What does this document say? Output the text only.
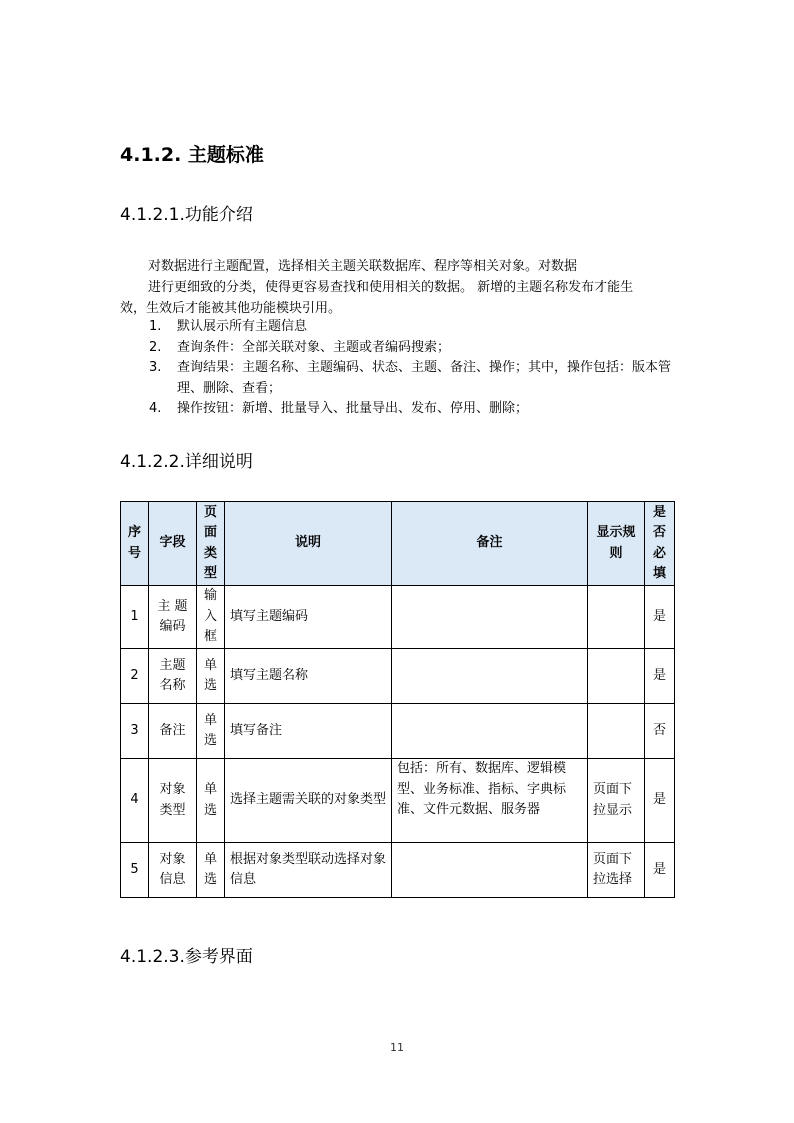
4.1.2. 主题标准
4.1.2.1.功能介绍
对数据进行主题配置，选择相关主题关联数据库、程序等相关对象。对数据
进行更细致的分类，使得更容易查找和使用相关的数据。 新增的主题名称发布才能生
效，生效后才能被其他功能模块引用。
1. 默认展示所有主题信息
2. 查询条件：全部关联对象、主题或者编码搜索；
3. 查询结果：主题名称、主题编码、状态、主题、备注、操作；其中，操作包括：版本管理、删除、查看；
4. 操作按钮：新增、批量导入、批量导出、发布、停用、删除；
4.1.2.2.详细说明
序号	字段	页面类型	说明	备注	显示规则	是否必填
1	主 题编码	输入框	填写主题编码			是
2	主题名称	单选	填写主题名称			是
3	备注	单选	填写备注			否
4	对象类型	单选	选择主题需关联的对象类型	包括：所有、数据库、逻辑模型、业务标准、指标、字典标准、文件元数据、服务器	页面下拉显示	是
5	对象信息	单选	根据对象类型联动选择对象信息		页面下拉选择	是
4.1.2.3.参考界面
11
